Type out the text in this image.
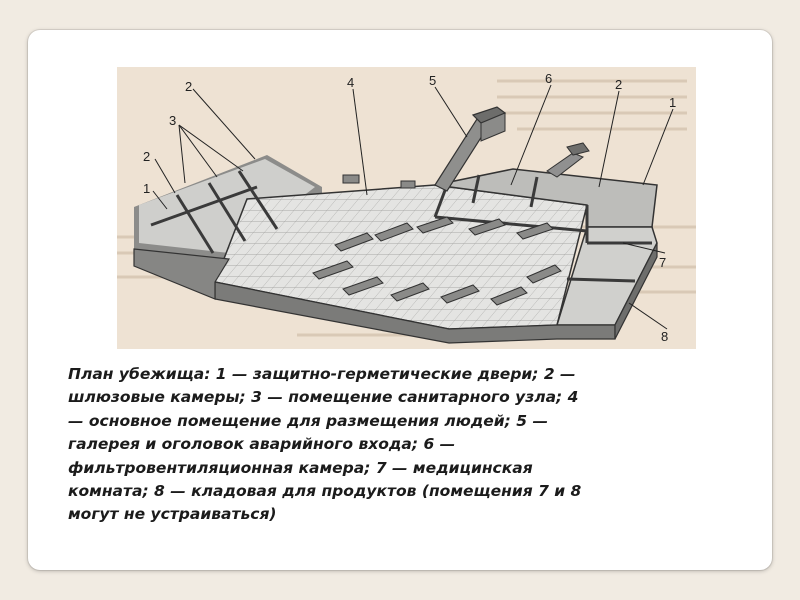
1
2
3
4	5	6	2
1
7
8
2

План убежища: 1 — защитно-герметические двери; 2 —
шлюзовые камеры; 3 — помещение санитарного узла; 4
— основное помещение для размещения людей; 5 —
галерея и оголовок аварийного входа; 6 —
фильтровентиляционная камера; 7 — медицинская
комната; 8 — кладовая для продуктов (помещения 7 и 8
могут не устраиваться)
